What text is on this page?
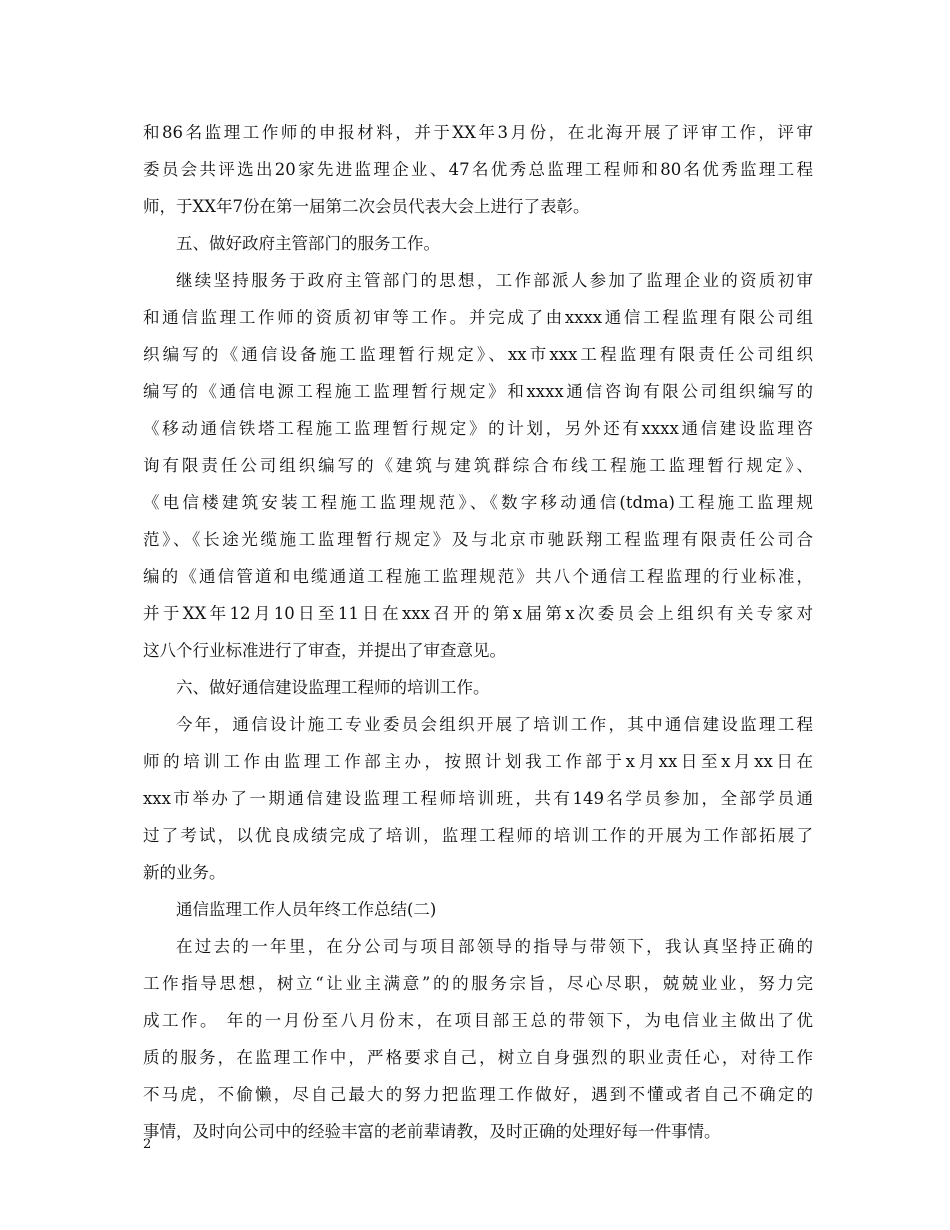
和86名监理工作师的申报材料，并于XX年3月份，在北海开展了评审工作，评审
委员会共评选出20家先进监理企业、47名优秀总监理工程师和80名优秀监理工程
师，于XX年7份在第一届第二次会员代表大会上进行了表彰。
五、做好政府主管部门的服务工作。
继续坚持服务于政府主管部门的思想，工作部派人参加了监理企业的资质初审
和通信监理工作师的资质初审等工作。并完成了由xxxx通信工程监理有限公司组
织编写的《通信设备施工监理暂行规定》、xx市xxx工程监理有限责任公司组织
编写的《通信电源工程施工监理暂行规定》和xxxx通信咨询有限公司组织编写的
《移动通信铁塔工程施工监理暂行规定》的计划，另外还有xxxx通信建设监理咨
询有限责任公司组织编写的《建筑与建筑群综合布线工程施工监理暂行规定》、
《电信楼建筑安装工程施工监理规范》、《数字移动通信(tdma)工程施工监理规
范》、《长途光缆施工监理暂行规定》及与北京市驰跃翔工程监理有限责任公司合
编的《通信管道和电缆通道工程施工监理规范》共八个通信工程监理的行业标准，
并于XX年12月10日至11日在xxx召开的第x届第x次委员会上组织有关专家对
这八个行业标准进行了审查，并提出了审查意见。
六、做好通信建设监理工程师的培训工作。
今年，通信设计施工专业委员会组织开展了培训工作，其中通信建设监理工程
师的培训工作由监理工作部主办，按照计划我工作部于x月xx日至x月xx日在
xxx市举办了一期通信建设监理工程师培训班，共有149名学员参加，全部学员通
过了考试，以优良成绩完成了培训，监理工程师的培训工作的开展为工作部拓展了
新的业务。
通信监理工作人员年终工作总结(二)
在过去的一年里，在分公司与项目部领导的指导与带领下，我认真坚持正确的
工作指导思想，树立“让业主满意”的的服务宗旨，尽心尽职，兢兢业业，努力完
成工作。 年的一月份至八月份末，在项目部王总的带领下，为电信业主做出了优
质的服务，在监理工作中，严格要求自己，树立自身强烈的职业责任心，对待工作
不马虎，不偷懒，尽自己最大的努力把监理工作做好，遇到不懂或者自己不确定的
事情，及时向公司中的经验丰富的老前辈请教，及时正确的处理好每一件事情。
2
